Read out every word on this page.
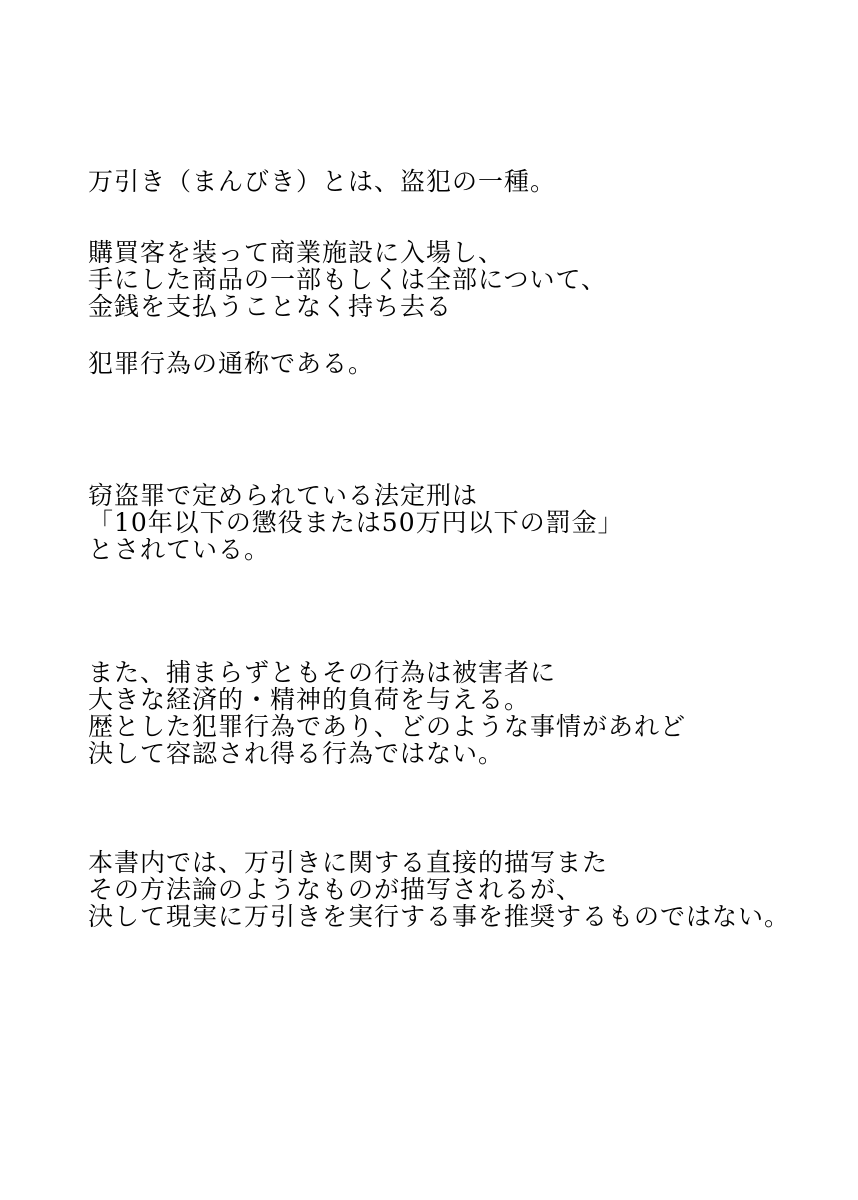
万引き（まんびき）とは、盗犯の一種。
購買客を装って商業施設に入場し、
手にした商品の一部もしくは全部について、
金銭を支払うことなく持ち去る
犯罪行為の通称である。
窃盗罪で定められている法定刑は
「10年以下の懲役または50万円以下の罰金」
とされている。
また、捕まらずともその行為は被害者に
大きな経済的・精神的負荷を与える。
歴とした犯罪行為であり、どのような事情があれど
決して容認され得る行為ではない。
本書内では、万引きに関する直接的描写また
その方法論のようなものが描写されるが、
決して現実に万引きを実行する事を推奨するものではない。
